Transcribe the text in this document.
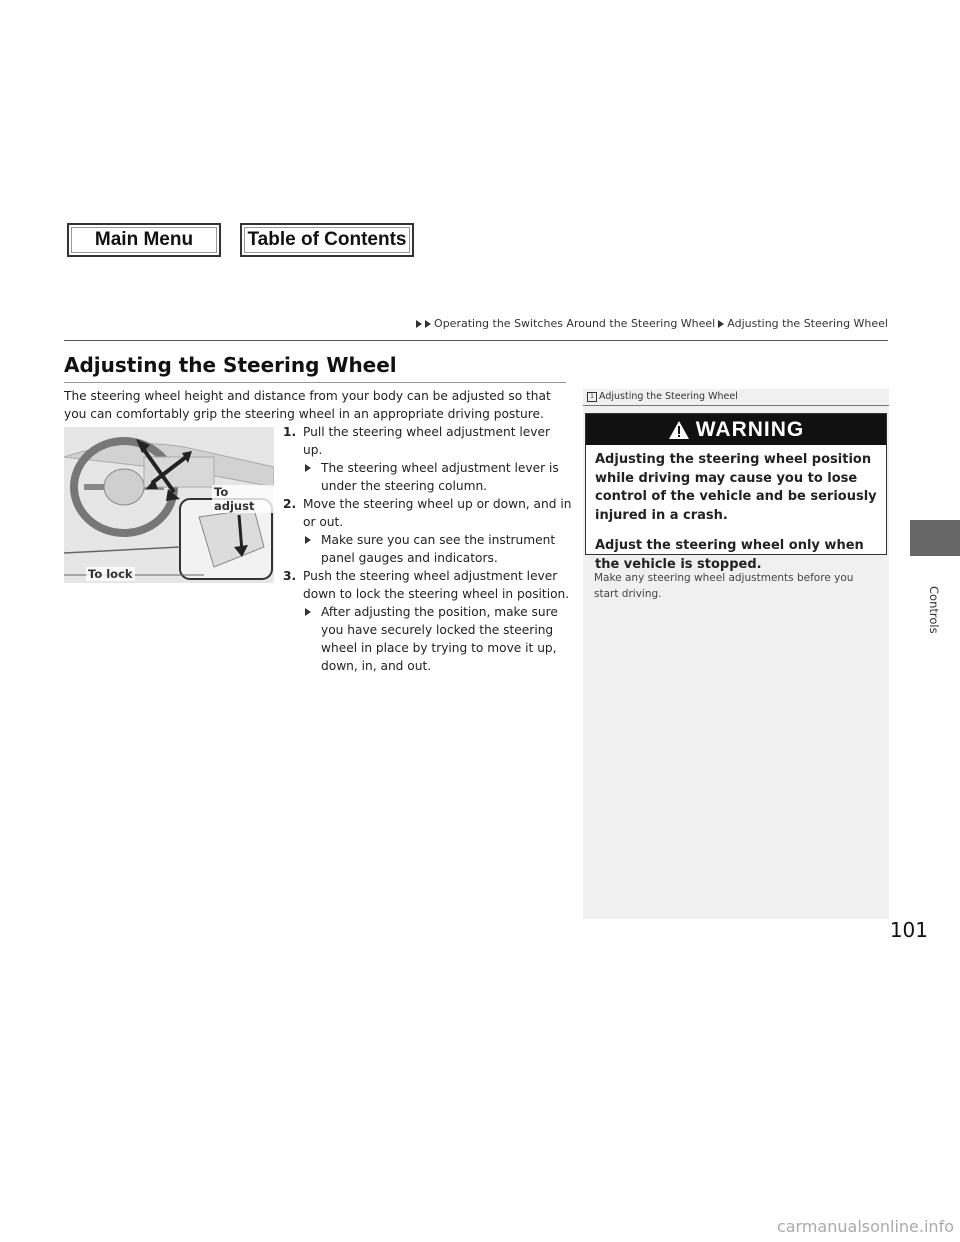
Main Menu	Table of Contents
Operating the Switches Around the Steering Wheel Adjusting the Steering Wheel
Adjusting the Steering Wheel

The steering wheel height and distance from your body can be adjusted so that you can comfortably grip the steering wheel in an appropriate driving posture.

To adjust
To lock
1. Pull the steering wheel adjustment lever up.
The steering wheel adjustment lever is under the steering column.
2. Move the steering wheel up or down, and in or out.
Make sure you can see the instrument panel gauges and indicators.
3. Push the steering wheel adjustment lever down to lock the steering wheel in position.
After adjusting the position, make sure you have securely locked the steering wheel in place by trying to move it up, down, in, and out.
1 Adjusting the Steering Wheel
WARNING

Adjusting the steering wheel position while driving may cause you to lose control of the vehicle and be seriously injured in a crash.

Adjust the steering wheel only when the vehicle is stopped.

Make any steering wheel adjustments before you start driving.	Controls
101
carmanualsonline.info
